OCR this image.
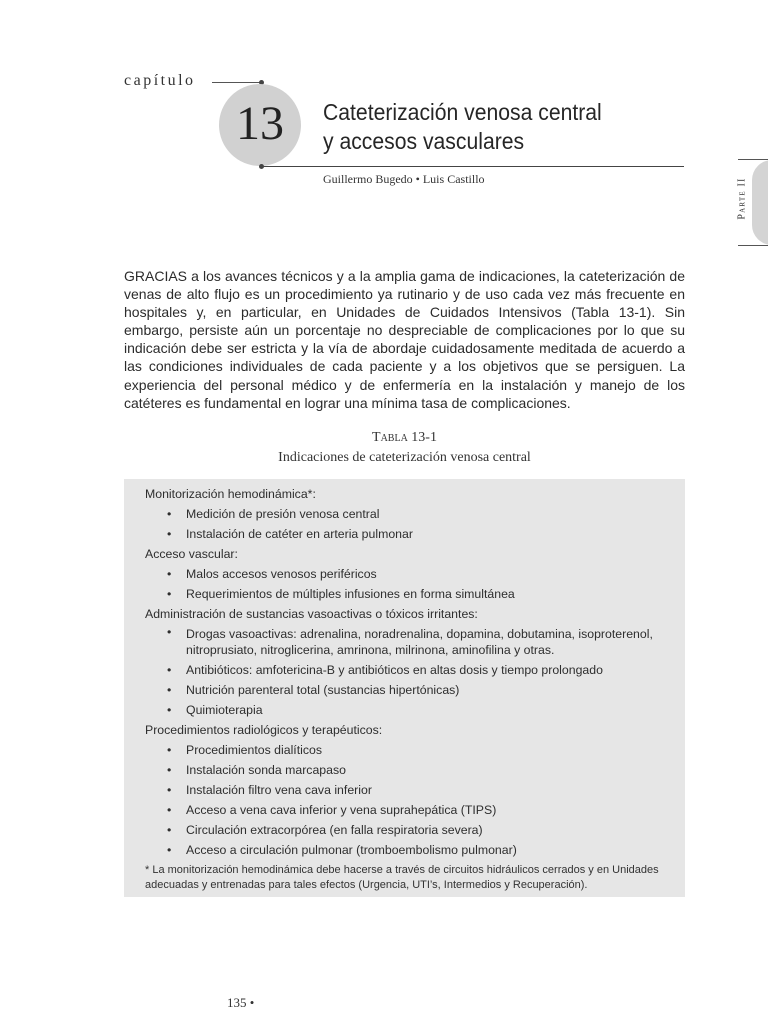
capítulo
13	Cateterización venosa central
y accesos vasculares
Guillermo Bugedo • Luis Castillo	Parte II
GRACIAS a los avances técnicos y a la amplia gama de indicaciones, la cateterización de venas de alto flujo es un procedimiento ya rutinario y de uso cada vez más frecuente en hospitales y, en particular, en Unidades de Cuidados Intensivos (Tabla 13-1). Sin embargo, persiste aún un porcentaje no despreciable de complicaciones por lo que su indicación debe ser estricta y la vía de abordaje cuidadosamente meditada de acuerdo a las condiciones individuales de cada paciente y a los objetivos que se persiguen. La experiencia del personal médico y de enfermería en la instalación y manejo de los catéteres es fundamental en lograr una mínima tasa de complicaciones.
Tabla 13-1
Indicaciones de cateterización venosa central
Monitorización hemodinámica*:
• Medición de presión venosa central
• Instalación de catéter en arteria pulmonar
Acceso vascular:
• Malos accesos venosos periféricos
• Requerimientos de múltiples infusiones en forma simultánea
Administración de sustancias vasoactivas o tóxicos irritantes:
• Drogas vasoactivas: adrenalina, noradrenalina, dopamina, dobutamina, isoproterenol, nitroprusiato, nitroglicerina, amrinona, milrinona, aminofilina y otras.
• Antibióticos: amfotericina-B y antibióticos en altas dosis y tiempo prolongado
• Nutrición parenteral total (sustancias hipertónicas)
• Quimioterapia
Procedimientos radiológicos y terapéuticos:
• Procedimientos dialíticos
• Instalación sonda marcapaso
• Instalación filtro vena cava inferior
• Acceso a vena cava inferior y vena suprahepática (TIPS)
• Circulación extracorpórea (en falla respiratoria severa)
• Acceso a circulación pulmonar (tromboembolismo pulmonar)
* La monitorización hemodinámica debe hacerse a través de circuitos hidráulicos cerrados y en Unidades adecuadas y entrenadas para tales efectos (Urgencia, UTI’s, Intermedios y Recuperación).
135 •
